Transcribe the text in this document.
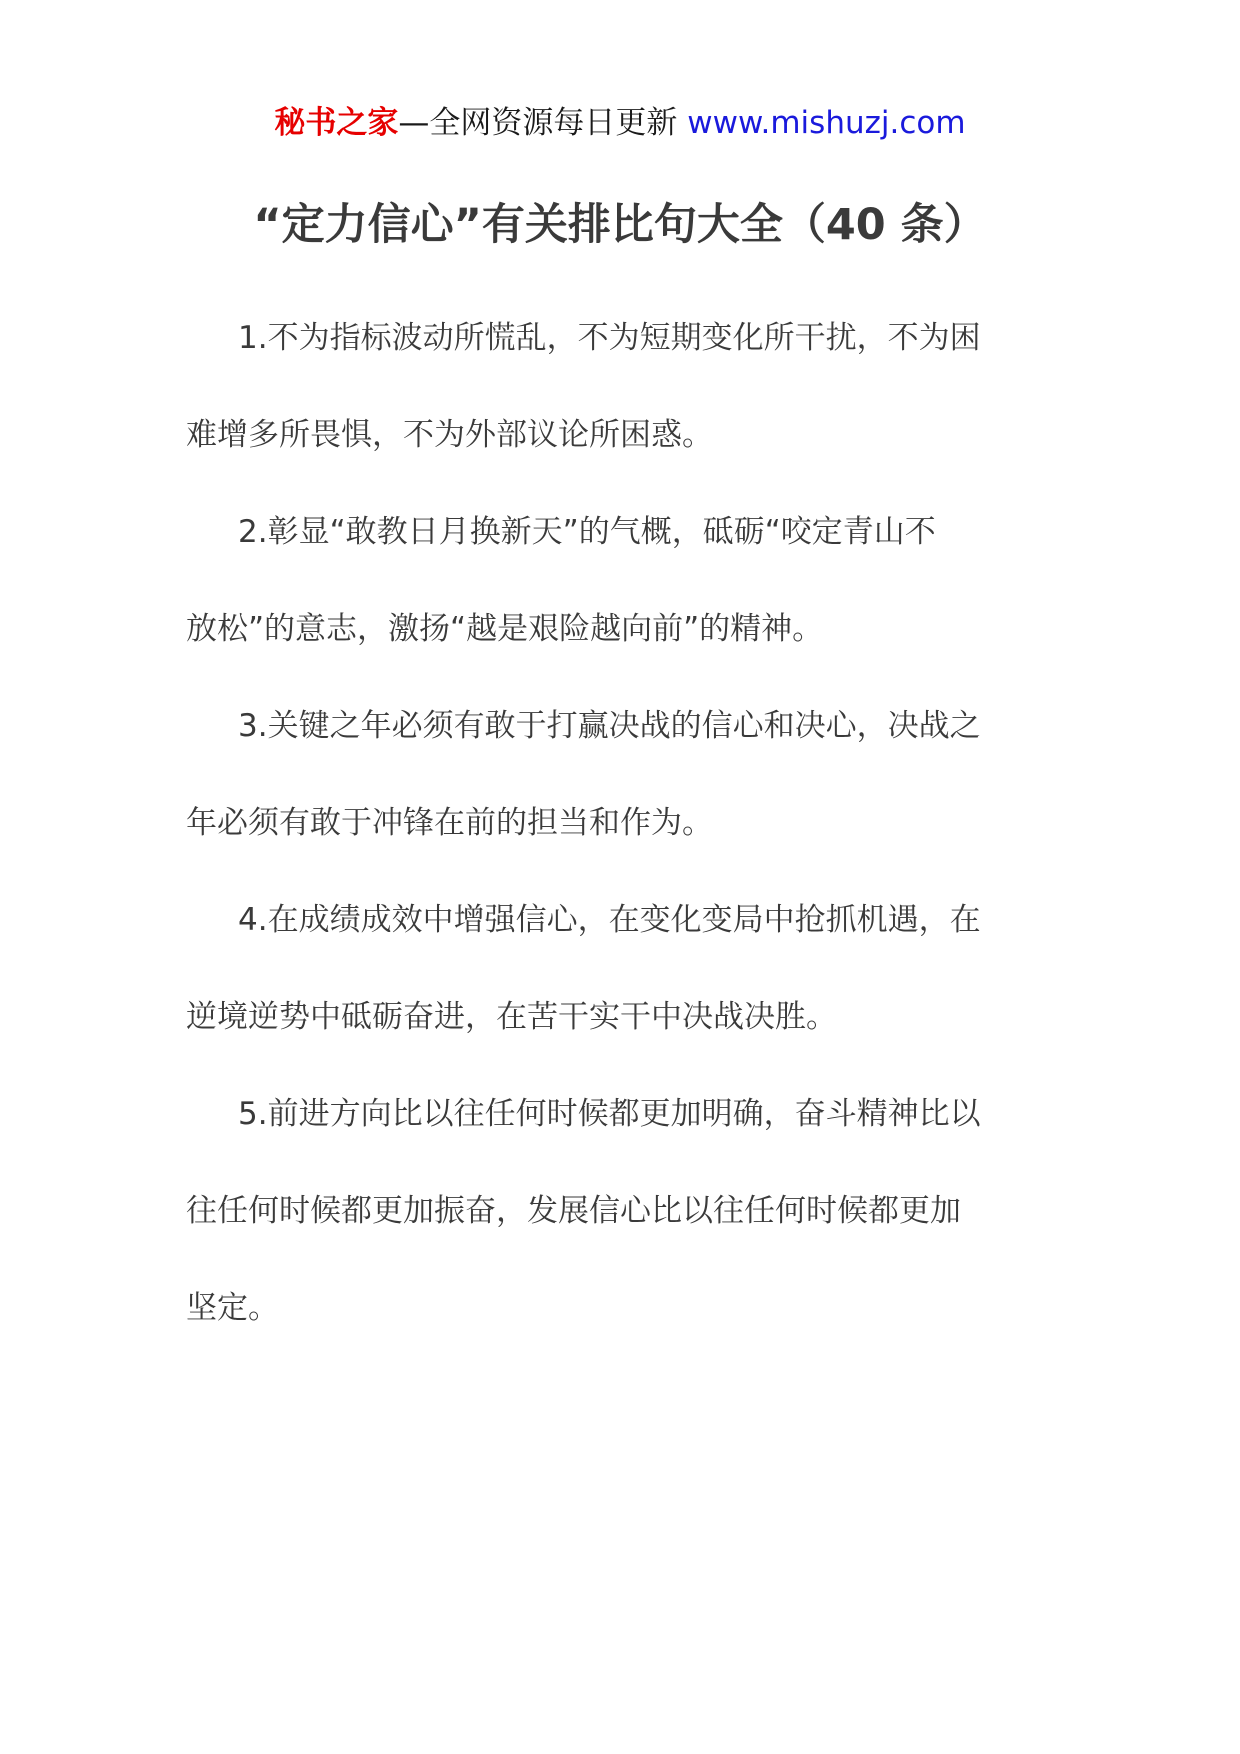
秘书之家—全网资源每日更新 www.mishuzj.com
“定力信心”有关排比句大全（40 条）
1.不为指标波动所慌乱，不为短期变化所干扰，不为困
难增多所畏惧，不为外部议论所困惑。
2.彰显“敢教日月换新天”的气概，砥砺“咬定青山不
放松”的意志，激扬“越是艰险越向前”的精神。
3.关键之年必须有敢于打赢决战的信心和决心，决战之
年必须有敢于冲锋在前的担当和作为。
4.在成绩成效中增强信心，在变化变局中抢抓机遇，在
逆境逆势中砥砺奋进，在苦干实干中决战决胜。
5.前进方向比以往任何时候都更加明确，奋斗精神比以
往任何时候都更加振奋，发展信心比以往任何时候都更加
坚定。
